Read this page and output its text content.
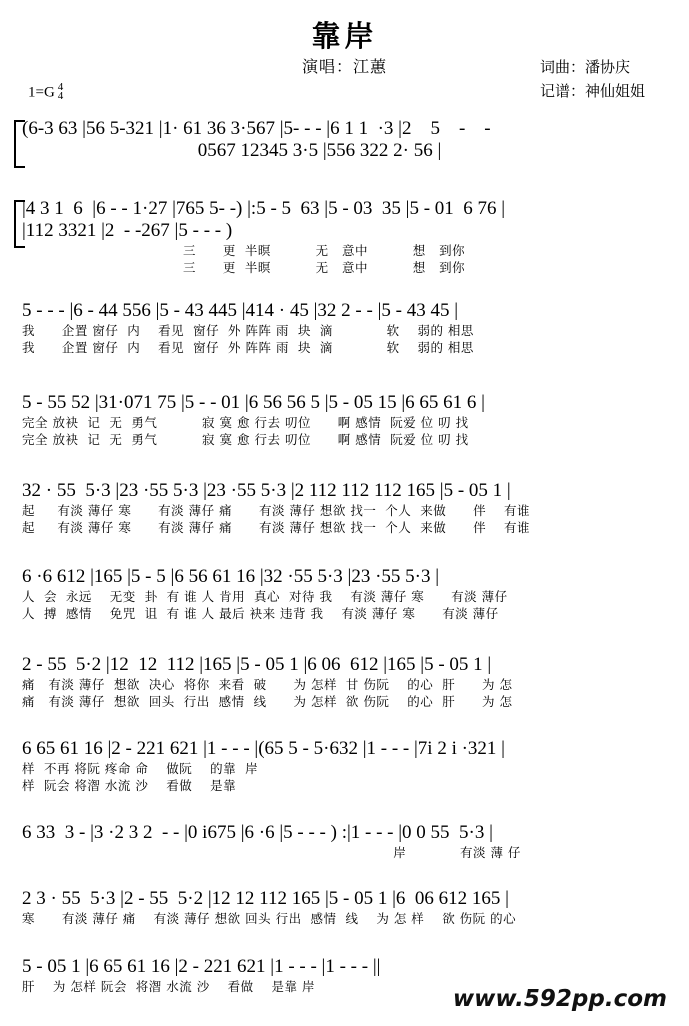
靠岸
演唱：江蕙	词曲：潘协庆
记谱：神仙姐姐
1=G 4
4
(6-3 63 |56 5-321 |1· 61 36 3·567 |5- - - |6 1 1  ·3 |2    5    -    -
0567 12345 3·5 |556 322 2· 56 |
|4 3 1  6  |6 - - 1·27 |765 5- -) |:5 - 5  63 |5 - 03  35 |5 - 01  6 76 |
|112 3321 |2  - -267 |5 - - - )
三      更  半暝          无   意中          想   到你
三      更  半暝          无   意中          想   到你
5 - - - |6 - 44 556 |5 - 43 445 |414 · 45 |32 2 - - |5 - 43 45 |
我      企置 窗仔  内    看见  窗仔  外 阵阵 雨  块  滴            软    弱的 相思
我      企置 窗仔  内    看见  窗仔  外 阵阵 雨  块  滴            软    弱的 相思
5 - 55 52 |31·071 75 |5 - - 01 |6 56 56 5 |5 - 05 15 |6 65 61 6 |
完全 放袂  记  无  勇气          寂 寞 愈 行去 叨位      啊 感情  阮爱 位 叨 找
完全 放袂  记  无  勇气          寂 寞 愈 行去 叨位      啊 感情  阮爱 位 叨 找
32 · 55  5·3 |23 ·55 5·3 |23 ·55 5·3 |2 112 112 112 165 |5 - 05 1 |
起     有淡 薄仔 寒      有淡 薄仔 痛      有淡 薄仔 想欲 找一  个人  来做      伴    有谁
起     有淡 薄仔 寒      有淡 薄仔 痛      有淡 薄仔 想欲 找一  个人  来做      伴    有谁
6 ·6 612 |165 |5 - 5 |6 56 61 16 |32 ·55 5·3 |23 ·55 5·3 |
人  会  永远    无变  卦  有 谁 人 肯用  真心  对待 我    有淡 薄仔 寒      有淡 薄仔
人  搏  感情    免咒  诅  有 谁 人 最后 袂来 违背 我    有淡 薄仔 寒      有淡 薄仔
2 - 55  5·2 |12  12  112 |165 |5 - 05 1 |6 06  612 |165 |5 - 05 1 |
痛   有淡 薄仔  想欲  决心  将你  来看  破      为 怎样  甘 伤阮    的心  肝      为 怎
痛   有淡 薄仔  想欲  回头  行出  感情  线      为 怎样  欲 伤阮    的心  肝      为 怎
6 65 61 16 |2 - 221 621 |1 - - - |(65 5 - 5·632 |1 - - - |7i 2 i ·321 |
样  不再 将阮 疼命 命    做阮    的靠  岸
样  阮会 将潪 水流 沙    看做    是靠
6 33  3 - |3 ·2 3 2  - - |0 i675 |6 ·6 |5 - - - ) :|1 - - - |0 0 55  5·3 |
岸            有淡 薄 仔
2 3 · 55  5·3 |2 - 55  5·2 |12 12 112 165 |5 - 05 1 |6  06 612 165 |
寒      有淡 薄仔 痛    有淡 薄仔 想欲 回头 行出  感情  线    为 怎 样    欲 伤阮 的心
5 - 05 1 |6 65 61 16 |2 - 221 621 |1 - - - |1 - - - ||
肝    为 怎样 阮会  将潪 水流 沙    看做    是靠 岸	www.592pp.com
